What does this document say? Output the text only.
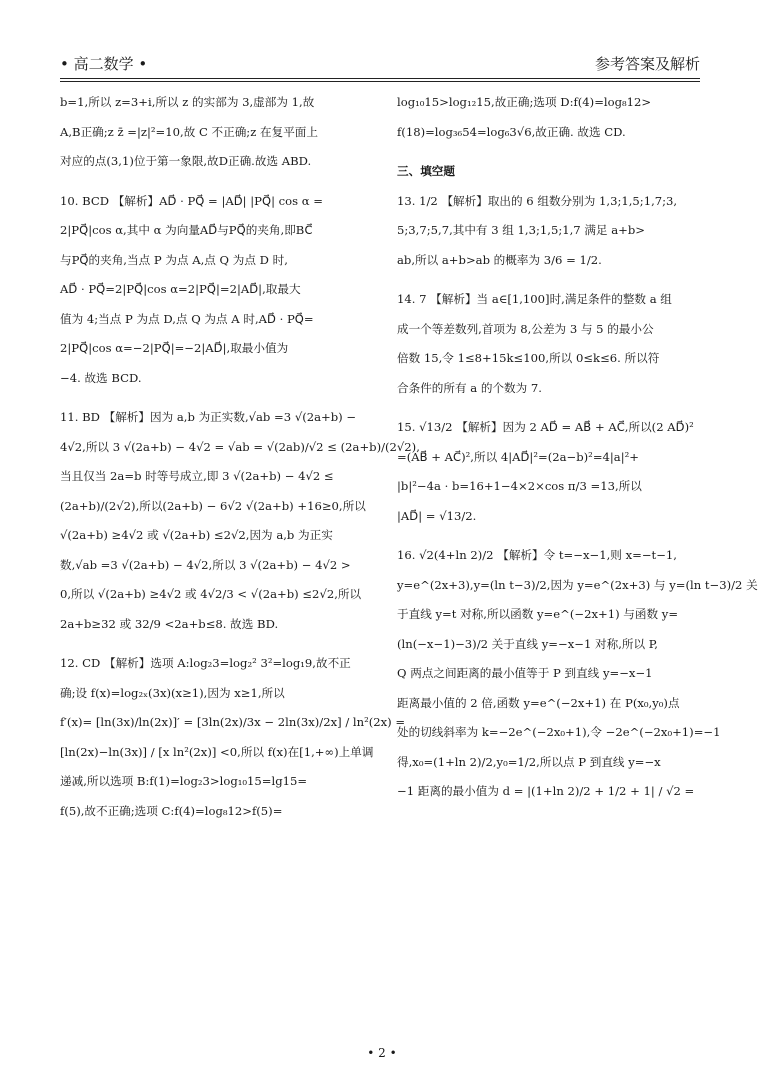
• 高二数学 •	参考答案及解析

b=1,所以 z=3+i,所以 z 的实部为 3,虚部为 1,故

A,B正确;z z̄ =|z|²=10,故 C 不正确;z 在复平面上

对应的点(3,1)位于第一象限,故D正确.故选 ABD.

10. BCD 【解析】AD⃗ · PQ⃗ = |AD⃗| |PQ⃗| cos α =

2|PQ⃗|cos α,其中 α 为向量AD⃗与PQ⃗的夹角,即BC⃗

与PQ⃗的夹角,当点 P 为点 A,点 Q 为点 D 时,

AD⃗ · PQ⃗=2|PQ⃗|cos α=2|PQ⃗|=2|AD⃗|,取最大

值为 4;当点 P 为点 D,点 Q 为点 A 时,AD⃗ · PQ⃗=

2|PQ⃗|cos α=−2|PQ⃗|=−2|AD⃗|,取最小值为

−4. 故选 BCD.

11. BD 【解析】因为 a,b 为正实数,√ab =3 √(2a+b) −

4√2,所以 3 √(2a+b) − 4√2 = √ab = √(2ab)/√2 ≤ (2a+b)/(2√2),

当且仅当 2a=b 时等号成立,即 3 √(2a+b) − 4√2 ≤

(2a+b)/(2√2),所以(2a+b) − 6√2 √(2a+b) +16≥0,所以

√(2a+b) ≥4√2 或 √(2a+b) ≤2√2,因为 a,b 为正实

数,√ab =3 √(2a+b) − 4√2,所以 3 √(2a+b) − 4√2 >

0,所以 √(2a+b) ≥4√2 或 4√2/3 < √(2a+b) ≤2√2,所以

2a+b≥32 或 32/9 <2a+b≤8. 故选 BD.

12. CD 【解析】选项 A:log₂3=log₂² 3²=log₁9,故不正

确;设 f(x)=log₂ₓ(3x)(x≥1),因为 x≥1,所以

f′(x)= [ln(3x)/ln(2x)]′ = [3ln(2x)/3x − 2ln(3x)/2x] / ln²(2x) =

[ln(2x)−ln(3x)] / [x ln²(2x)] <0,所以 f(x)在[1,+∞)上单调

递减,所以选项 B:f(1)=log₂3>log₁₀15=lg15=

f(5),故不正确;选项 C:f(4)=log₈12>f(5)=

log₁₀15>log₁₂15,故正确;选项 D:f(4)=log₈12>

f(18)=log₃₆54=log₆3√6,故正确. 故选 CD.

三、填空题

13. 1/2 【解析】取出的 6 组数分别为 1,3;1,5;1,7;3,

5;3,7;5,7,其中有 3 组 1,3;1,5;1,7 满足 a+b>

ab,所以 a+b>ab 的概率为 3/6 = 1/2.

14. 7 【解析】当 a∈[1,100]时,满足条件的整数 a 组

成一个等差数列,首项为 8,公差为 3 与 5 的最小公

倍数 15,令 1≤8+15k≤100,所以 0≤k≤6. 所以符

合条件的所有 a 的个数为 7.

15. √13/2 【解析】因为 2 AD⃗ = AB⃗ + AC⃗,所以(2 AD⃗)²

=(AB⃗ + AC⃗)²,所以 4|AD⃗|²=(2a−b)²=4|a|²+

|b|²−4a · b=16+1−4×2×cos π/3 =13,所以

|AD⃗| = √13/2.

16. √2(4+ln 2)/2 【解析】令 t=−x−1,则 x=−t−1,

y=e^(2x+3),y=(ln t−3)/2,因为 y=e^(2x+3) 与 y=(ln t−3)/2 关

于直线 y=t 对称,所以函数 y=e^(−2x+1) 与函数 y=

(ln(−x−1)−3)/2 关于直线 y=−x−1 对称,所以 P,

Q 两点之间距离的最小值等于 P 到直线 y=−x−1

距离最小值的 2 倍,函数 y=e^(−2x+1) 在 P(x₀,y₀)点

处的切线斜率为 k=−2e^(−2x₀+1),令 −2e^(−2x₀+1)=−1

得,x₀=(1+ln 2)/2,y₀=1/2,所以点 P 到直线 y=−x

−1 距离的最小值为 d = |(1+ln 2)/2 + 1/2 + 1| / √2 =

• 2 •
